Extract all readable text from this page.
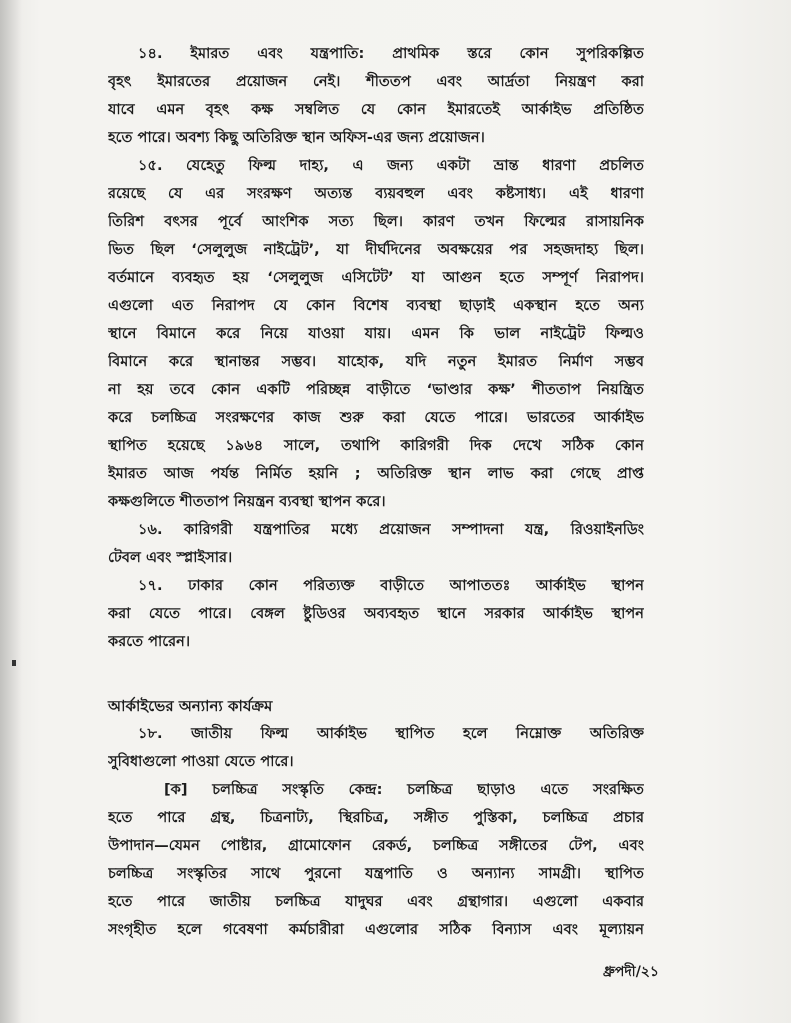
১৪. ইমারত এবং যন্ত্রপাতি: প্রাথমিক স্তরে কোন সুপরিকল্পিত
বৃহৎ ইমারতের প্রয়োজন নেই। শীততপ এবং আর্দ্রতা নিয়ন্ত্রণ করা
যাবে এমন বৃহৎ কক্ষ সম্বলিত যে কোন ইমারতেই আর্কাইভ প্রতিষ্ঠিত
হতে পারে। অবশ্য কিছু অতিরিক্ত স্থান অফিস-এর জন্য প্রয়োজন।
১৫. যেহেতু ফিল্ম দাহ্য, এ জন্য একটা ভ্রান্ত ধারণা প্রচলিত
রয়েছে যে এর সংরক্ষণ অত্যন্ত ব্যয়বহুল এবং কষ্টসাধ্য। এই ধারণা
তিরিশ বৎসর পূর্বে আংশিক সত্য ছিল। কারণ তখন ফিল্মের রাসায়নিক
ভিত ছিল ‘সেলুলুজ নাইট্রেট’, যা দীর্ঘদিনের অবক্ষয়ের পর সহজদাহ্য ছিল।
বর্তমানে ব্যবহৃত হয় ‘সেলুলুজ এসিটেট’ যা আগুন হতে সম্পূর্ণ নিরাপদ।
এগুলো এত নিরাপদ যে কোন বিশেষ ব্যবস্থা ছাড়াই একস্থান হতে অন্য
স্থানে বিমানে করে নিয়ে যাওয়া যায়। এমন কি ভাল নাইট্রেট ফিল্মও
বিমানে করে স্থানান্তর সম্ভব। যাহোক, যদি নতুন ইমারত নির্মাণ সম্ভব
না হয় তবে কোন একটি পরিচ্ছন্ন বাড়ীতে ‘ভাণ্ডার কক্ষ’ শীততাপ নিয়ন্ত্রিত
করে চলচ্চিত্র সংরক্ষণের কাজ শুরু করা যেতে পারে। ভারতের আর্কাইভ
স্থাপিত হয়েছে ১৯৬৪ সালে, তথাপি কারিগরী দিক দেখে সঠিক কোন
ইমারত আজ পর্যন্ত নির্মিত হয়নি ; অতিরিক্ত স্থান লাভ করা গেছে প্রাপ্ত
কক্ষগুলিতে শীততাপ নিয়ন্ত্রন ব্যবস্থা স্থাপন করে।
১৬. কারিগরী যন্ত্রপাতির মধ্যে প্রয়োজন সম্পাদনা যন্ত্র, রিওয়াইনডিং
টেবল এবং স্প্লাইসার।
১৭. ঢাকার কোন পরিত্যক্ত বাড়ীতে আপাততঃ আর্কাইভ স্থাপন
করা যেতে পারে। বেঙ্গল ষ্টুডিওর অব্যবহৃত স্থানে সরকার আর্কাইভ স্থাপন
করতে পারেন।
আর্কাইভের অন্যান্য কার্যক্রম
১৮. জাতীয় ফিল্ম আর্কাইভ স্থাপিত হলে নিম্নোক্ত অতিরিক্ত
সুবিধাগুলো পাওয়া যেতে পারে।
[ক] চলচ্চিত্র সংস্কৃতি কেন্দ্র: চলচ্চিত্র ছাড়াও এতে সংরক্ষিত
হতে পারে গ্রন্থ, চিত্রনাট্য, স্থিরচিত্র, সঙ্গীত পুস্তিকা, চলচ্চিত্র প্রচার
উপাদান—যেমন পোষ্টার, গ্রামোফোন রেকর্ড, চলচ্চিত্র সঙ্গীতের টেপ, এবং
চলচ্চিত্র সংস্কৃতির সাথে পুরনো যন্ত্রপাতি ও অন্যান্য সামগ্রী। স্থাপিত
হতে পারে জাতীয় চলচ্চিত্র যাদুঘর এবং গ্রন্থাগার। এগুলো একবার
সংগৃহীত হলে গবেষণা কর্মচারীরা এগুলোর সঠিক বিন্যাস এবং মূল্যায়ন
ধ্রুপদী/২১
